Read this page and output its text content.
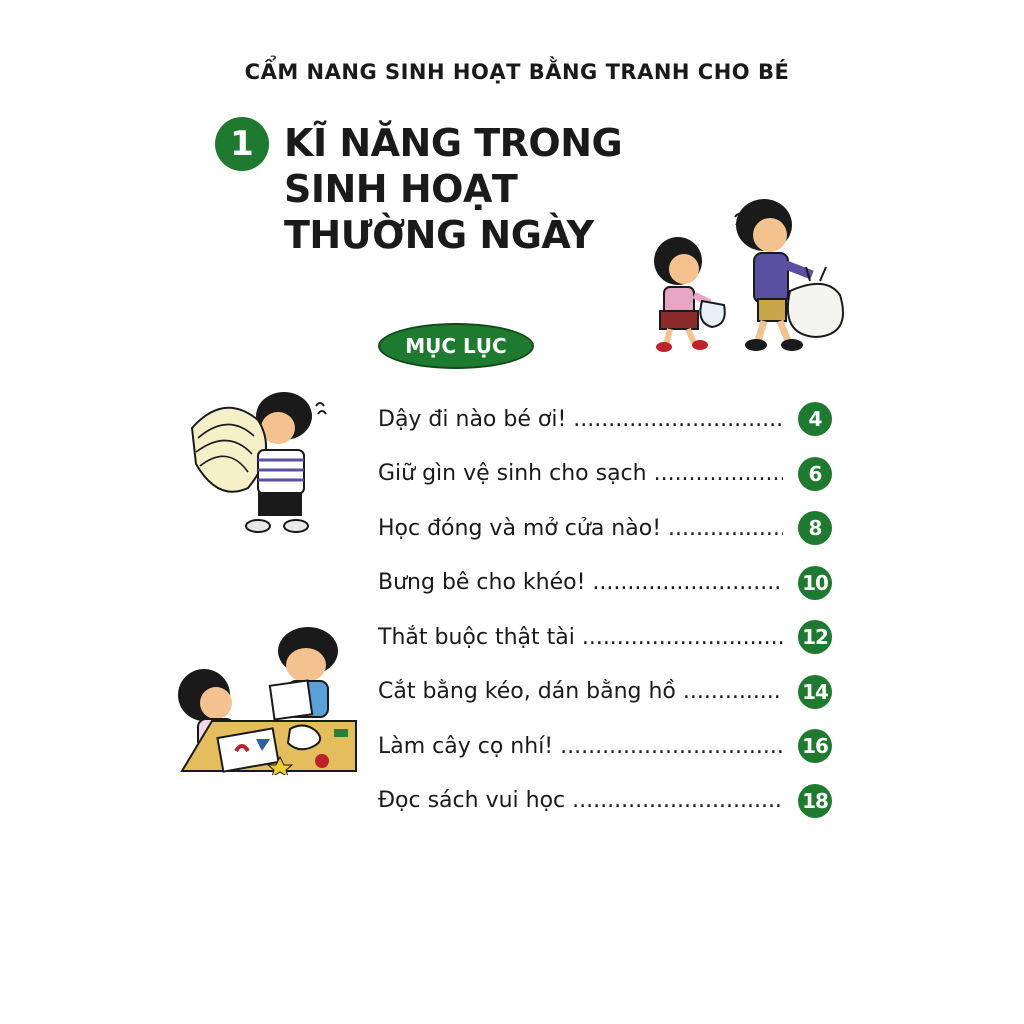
CẨM NANG SINH HOẠT BẰNG TRANH CHO BÉ
1 KĨ NĂNG TRONG
SINH HOẠT
THƯỜNG NGÀY
MỤC LỤC
Dậy đi nào bé ơi! .....	4
Giữ gìn vệ sinh cho sạch .....	6
Học đóng và mở cửa nào! .....	8
Bưng bê cho khéo! .....	10
Thắt buộc thật tài .....	12
Cắt bằng kéo, dán bằng hồ .....	14
Làm cây cọ nhí! .....	16
Đọc sách vui học .....	18
